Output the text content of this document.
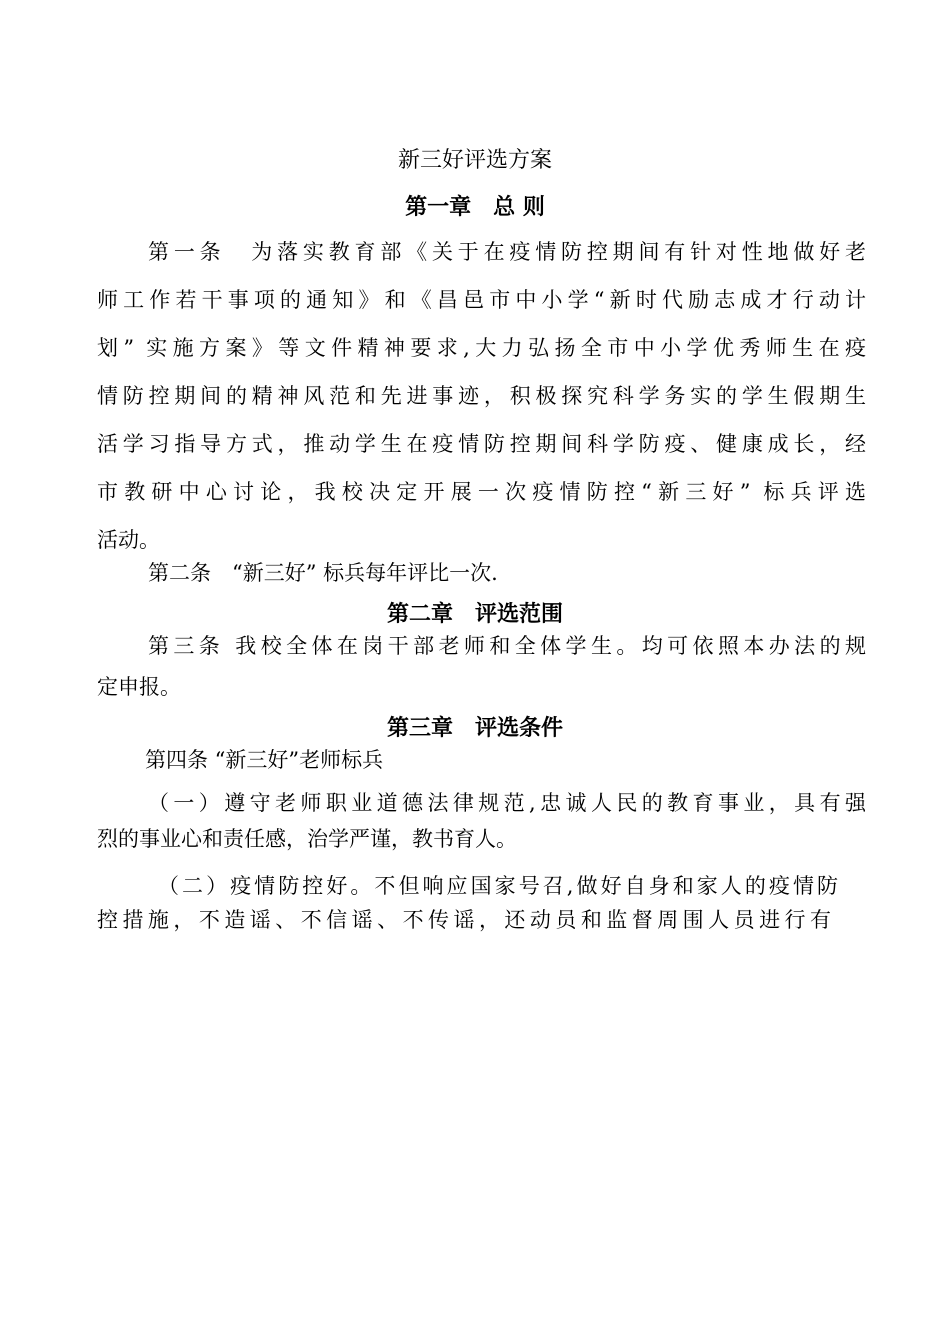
新三好评选方案
第一章　总 则

第一条　为落实教育部《关于在疫情防控期间有针对性地做好老

师工作若干事项的通知》和《昌邑市中小学“新时代励志成才行动计

划” 实施方案》等文件精神要求,大力弘扬全市中小学优秀师生在疫

情防控期间的精神风范和先进事迹，积极探究科学务实的学生假期生

活学习指导方式，推动学生在疫情防控期间科学防疫、健康成长，经

市教研中心讨论，我校决定开展一次疫情防控“新三好” 标兵评选

活动。

第二条　“新三好” 标兵每年评比一次.

第二章　评选范围

第三条 我校全体在岗干部老师和全体学生。均可依照本办法的规

定申报。

第三章　评选条件

第四条 “新三好”老师标兵

（一）遵守老师职业道德法律规范,忠诚人民的教育事业，具有强

烈的事业心和责任感，治学严谨，教书育人。

（二）疫情防控好。不但响应国家号召,做好自身和家人的疫情防

控措施，不造谣、不信谣、不传谣，还动员和监督周围人员进行有
